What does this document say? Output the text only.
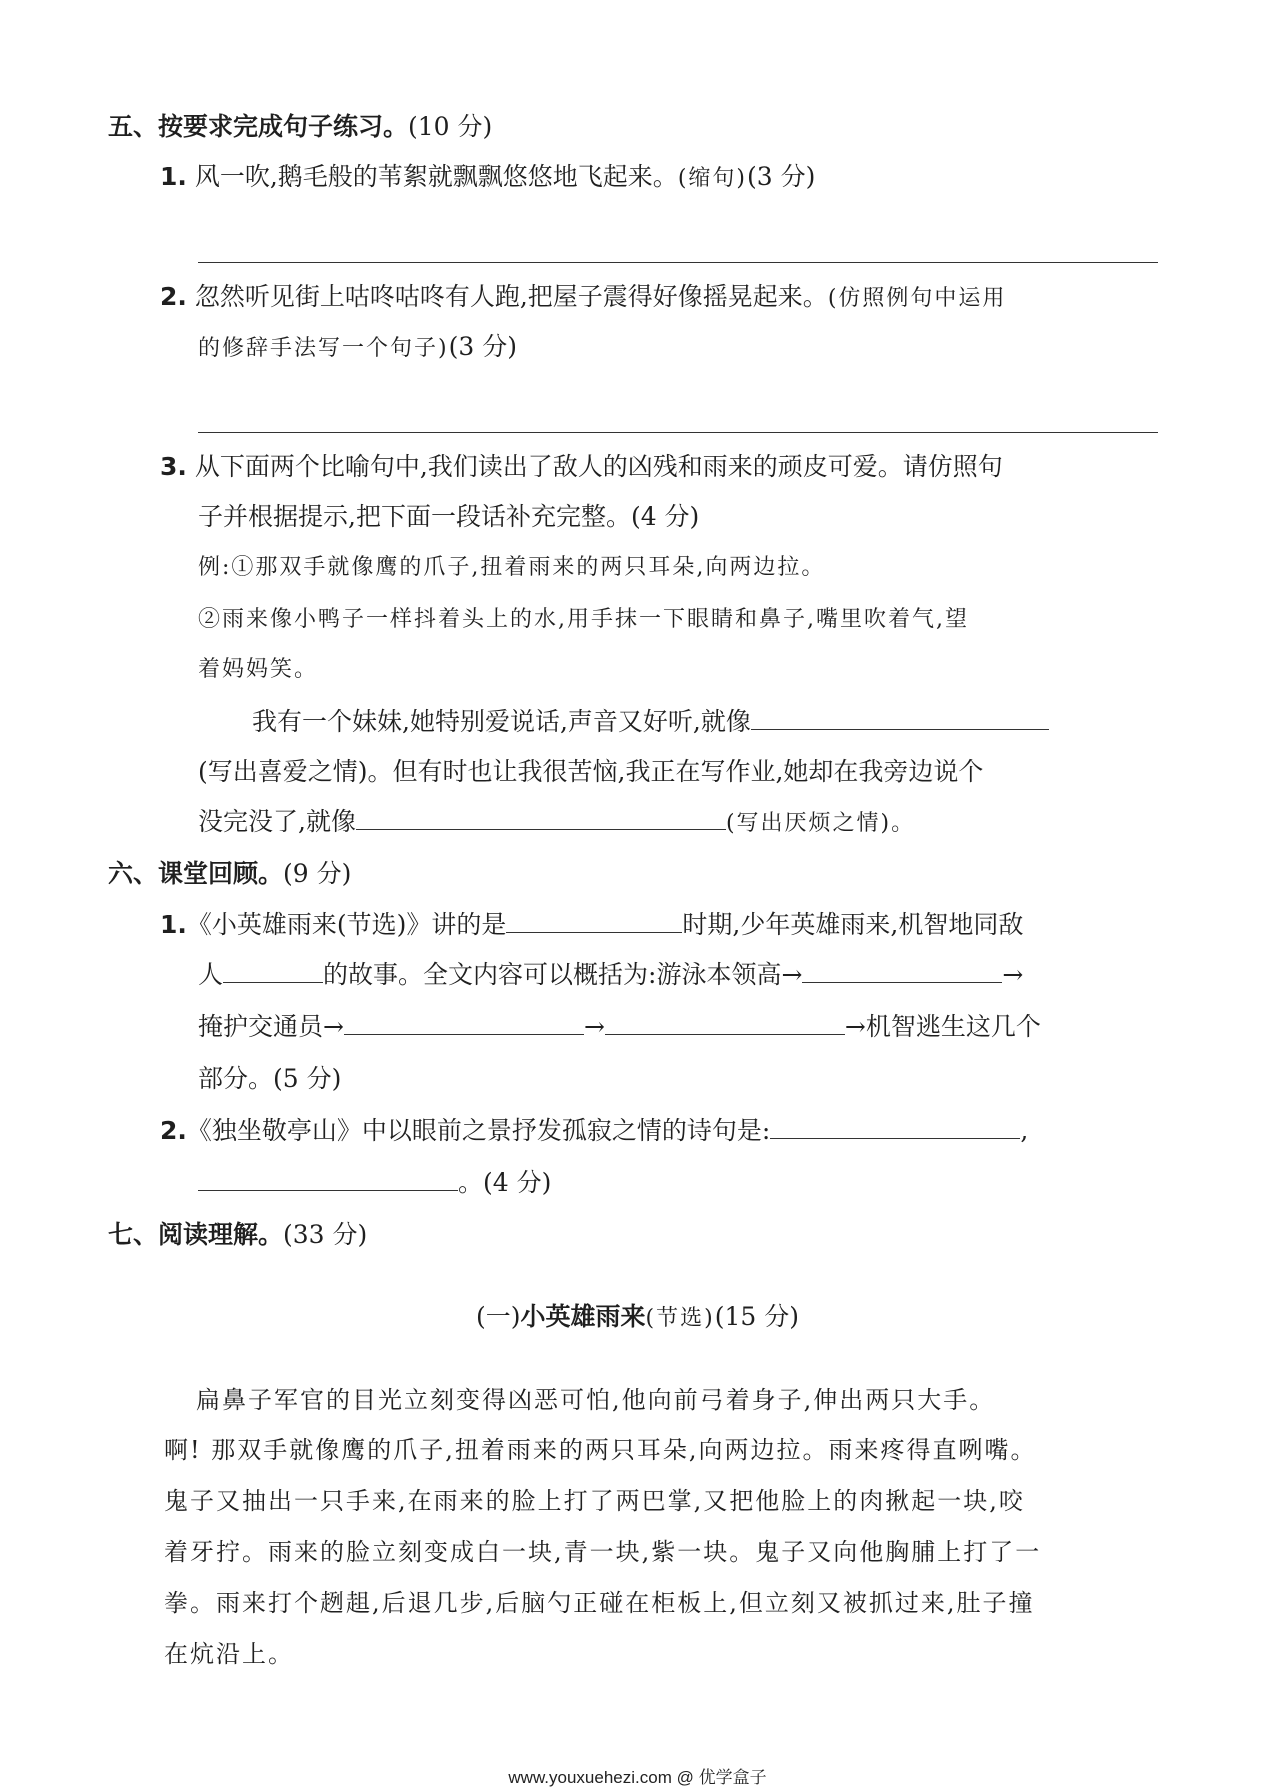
五、按要求完成句子练习。(10 分)
1. 风一吹,鹅毛般的苇絮就飘飘悠悠地飞起来。(缩句)(3 分)
2. 忽然听见街上咕咚咕咚有人跑,把屋子震得好像摇晃起来。(仿照例句中运用
的修辞手法写一个句子)(3 分)
3. 从下面两个比喻句中,我们读出了敌人的凶残和雨来的顽皮可爱。请仿照句
子并根据提示,把下面一段话补充完整。(4 分)
例:①那双手就像鹰的爪子,扭着雨来的两只耳朵,向两边拉。
②雨来像小鸭子一样抖着头上的水,用手抹一下眼睛和鼻子,嘴里吹着气,望
着妈妈笑。
我有一个妹妹,她特别爱说话,声音又好听,就像
(写出喜爱之情)。但有时也让我很苦恼,我正在写作业,她却在我旁边说个
没完没了,就像	(写出厌烦之情)。
六、课堂回顾。(9 分)
1.《小英雄雨来(节选)》讲的是	时期,少年英雄雨来,机智地同敌
人	的故事。全文内容可以概括为:游泳本领高→	→
掩护交通员→	→	→机智逃生这几个
部分。(5 分)
2.《独坐敬亭山》中以眼前之景抒发孤寂之情的诗句是:	,
。(4 分)
七、阅读理解。(33 分)
(一)小英雄雨来(节选)(15 分)
扁鼻子军官的目光立刻变得凶恶可怕,他向前弓着身子,伸出两只大手。
啊! 那双手就像鹰的爪子,扭着雨来的两只耳朵,向两边拉。雨来疼得直咧嘴。
鬼子又抽出一只手来,在雨来的脸上打了两巴掌,又把他脸上的肉揪起一块,咬
着牙拧。雨来的脸立刻变成白一块,青一块,紫一块。鬼子又向他胸脯上打了一
拳。雨来打个趔趄,后退几步,后脑勺正碰在柜板上,但立刻又被抓过来,肚子撞
在炕沿上。
www.youxuehezi.com @ 优学盒子
